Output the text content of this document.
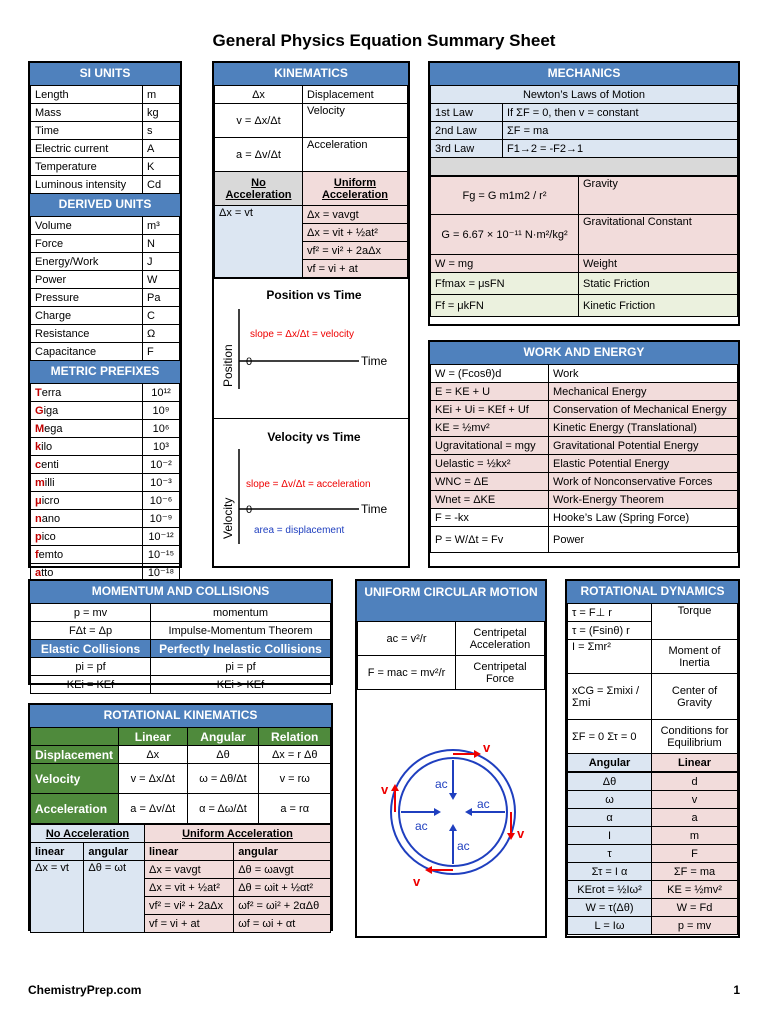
General Physics Equation Summary Sheet
SI UNITS
Length	m
Mass	kg
Time	s
Electric current	A
Temperature	K
Luminous intensity	Cd
DERIVED UNITS
Volume	m³
Force	N
Energy/Work	J
Power	W
Pressure	Pa
Charge	C
Resistance	Ω
Capacitance	F
METRIC PREFIXES
Terra	10¹²
Giga	10⁹
Mega	10⁶
kilo	10³
centi	10⁻²
milli	10⁻³
μicro	10⁻⁶
nano	10⁻⁹
pico	10⁻¹²
femto	10⁻¹⁵
atto	10⁻¹⁸
KINEMATICS
Δx	Displacement
v = Δx/Δt	Velocity
a = Δv/Δt	Acceleration
No Acceleration	Uniform Acceleration
Δx = vt	Δx = vavgt
	Δx = vit + ½at²
	vf² = vi² + 2aΔx
	vf = vi + at
Position vs Time
0	Time
Position
slope = Δx/Δt = velocity
Velocity vs Time
0	Time
Velocity
slope = Δv/Δt = acceleration
area = displacement
MECHANICS
Newton’s Laws of Motion	
1st Law	If ΣF = 0, then v = constant
2nd Law	ΣF = ma
3rd Law	F1→2 = -F2→1

Fg = G m1m2 / r²	Gravity
G = 6.67 × 10⁻¹¹ N·m²/kg²	Gravitational Constant
W = mg	Weight
Ffmax = μsFN	Static Friction
Ff = μkFN	Kinetic Friction
WORK AND ENERGY
W = (Fcosθ)d	Work
E = KE + U	Mechanical Energy
KEi + Ui = KEf + Uf	Conservation of Mechanical Energy
KE = ½mv²	Kinetic Energy (Translational)
Ugravitational = mgy	Gravitational Potential Energy
Uelastic = ½kx²	Elastic Potential Energy
WNC = ΔE	Work of Nonconservative Forces
Wnet = ΔKE	Work-Energy Theorem
F = -kx	Hooke’s Law (Spring Force)
P = W/Δt = Fv	Power
MOMENTUM AND COLLISIONS
p = mv	momentum
FΔt = Δp	Impulse-Momentum Theorem
Elastic Collisions	Perfectly Inelastic Collisions
pi = pf	pi = pf
KEi = KEf	KEi > KEf
UNIFORM CIRCULAR MOTION
ac = v²/r	Centripetal Acceleration
F = mac = mv²/r	Centripetal Force
v
v
v
v
ac
ac
ac
ac
ROTATIONAL DYNAMICS
τ = F⊥ r	Torque
τ = (Fsinθ) r	
I = Σmr²	Moment of Inertia
xCG = Σmixi / Σmi	Center of Gravity
ΣF = 0 Στ = 0	Conditions for Equilibrium
Angular	Linear
Δθ	d
ω	v
α	a
I	m
τ	F
Στ = I α	ΣF = ma
KErot = ½Iω²	KE = ½mv²
W = τ(Δθ)	W = Fd
L = Iω	p = mv
ROTATIONAL KINEMATICS
	Linear	Angular	Relation
Displacement	Δx	Δθ	Δx = r Δθ
Velocity	v = Δx/Δt	ω = Δθ/Δt	v = rω
Acceleration	a = Δv/Δt	α = Δω/Δt	a = rα
No Acceleration		Uniform Acceleration	
linear	angular	linear	angular
Δx = vt	Δθ = ωt	Δx = vavgt	Δθ = ωavgt
		Δx = vit + ½at²	Δθ = ωit + ½αt²
		vf² = vi² + 2aΔx	ωf² = ωi² + 2αΔθ
		vf = vi + at	ωf = ωi + αt
ChemistryPrep.com	1
